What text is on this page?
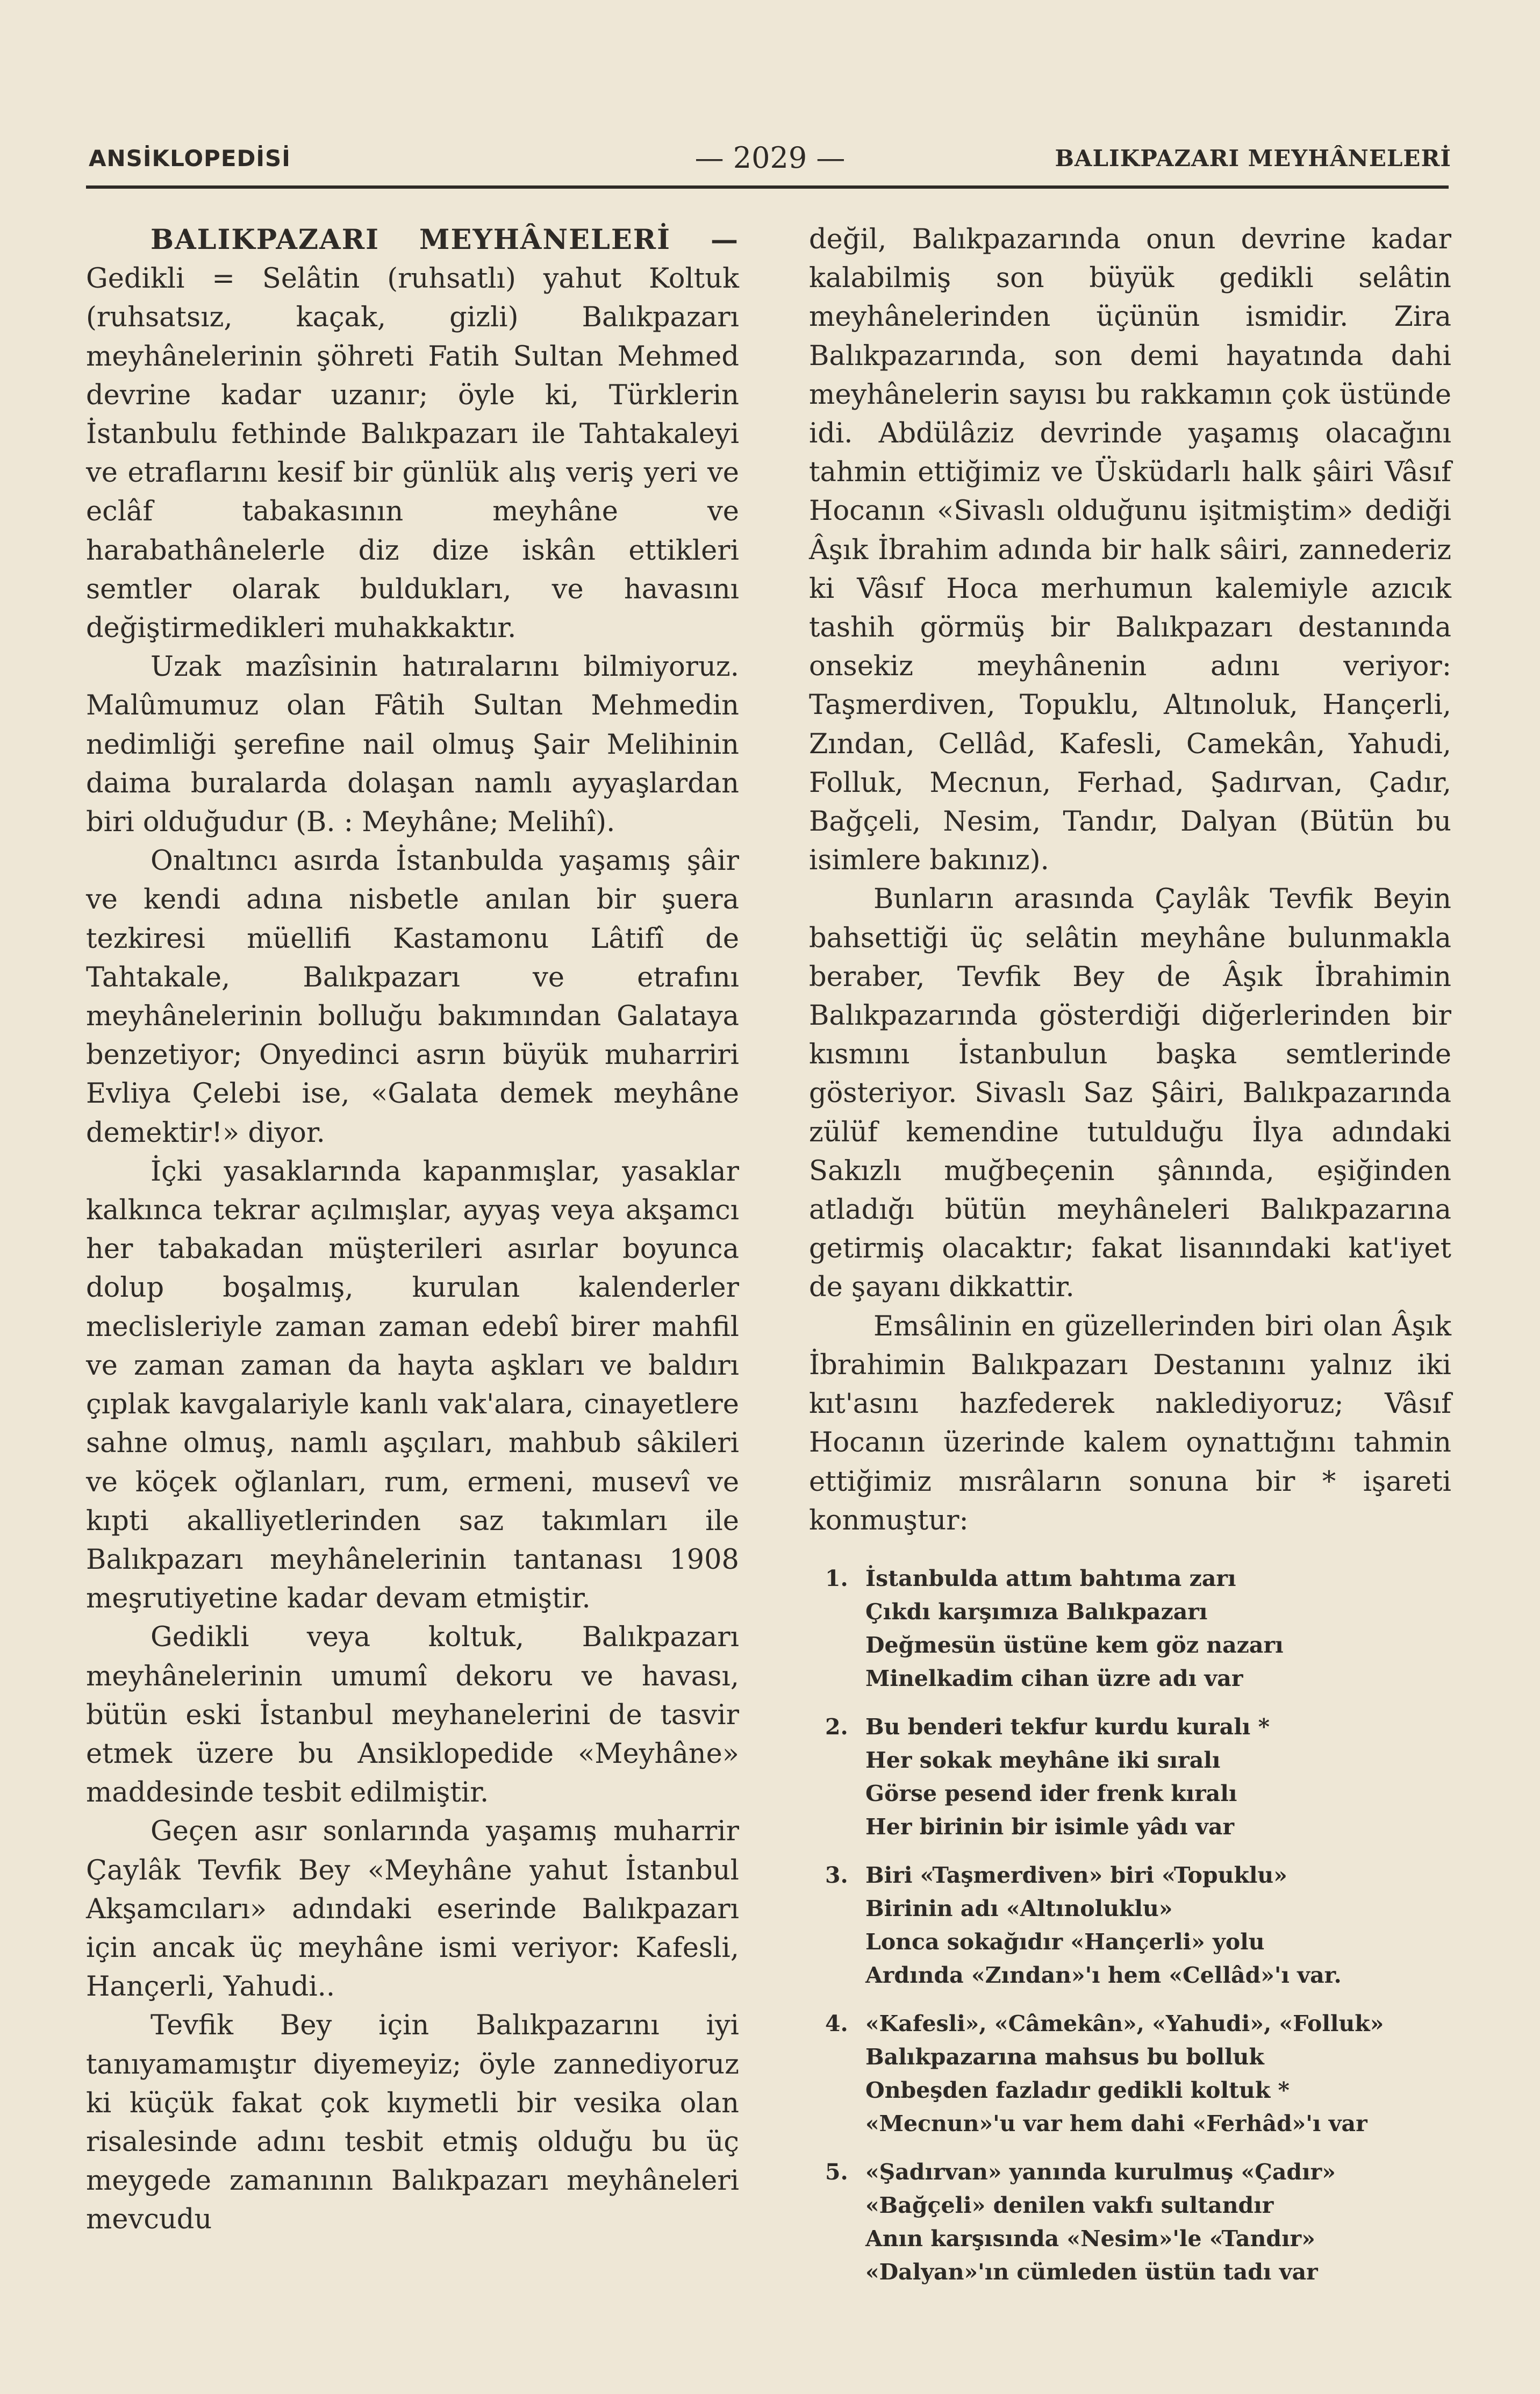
ANSİKLOPEDİSİ	— 2029 —	BALIKPAZARI MEYHÂNELERİ

BALIKPAZARI MEYHÂNELERİ — Gedikli = Selâtin (ruhsatlı) yahut Koltuk (ruhsatsız, kaçak, gizli) Balıkpazarı meyhânelerinin şöhreti Fatih Sultan Mehmed devrine kadar uzanır; öyle ki, Türklerin İstanbulu fethinde Balıkpazarı ile Tahtakaleyi ve etraflarını kesif bir günlük alış veriş yeri ve eclâf tabakasının meyhâne ve harabathânelerle diz dize iskân ettikleri semtler olarak buldukları, ve havasını değiştirmedikleri muhakkaktır.

Uzak mazîsinin hatıralarını bilmiyoruz. Malûmumuz olan Fâtih Sultan Mehmedin nedimliği şerefine nail olmuş Şair Melihinin daima buralarda dolaşan namlı ayyaşlardan biri olduğudur (B. : Meyhâne; Melihî).

Onaltıncı asırda İstanbulda yaşamış şâir ve kendi adına nisbetle anılan bir şuera tezkiresi müellifi Kastamonu Lâtifî de Tahtakale, Balıkpazarı ve etrafını meyhânelerinin bolluğu bakımından Galataya benzetiyor; Onyedinci asrın büyük muharriri Evliya Çelebi ise, «Galata demek meyhâne demektir!» diyor.

İçki yasaklarında kapanmışlar, yasaklar kalkınca tekrar açılmışlar, ayyaş veya akşamcı her tabakadan müşterileri asırlar boyunca dolup boşalmış, kurulan kalenderler meclisleriyle zaman zaman edebî birer mahfil ve zaman zaman da hayta aşkları ve baldırı çıplak kavgalariyle kanlı vak'alara, cinayetlere sahne olmuş, namlı aşçıları, mahbub sâkileri ve köçek oğlanları, rum, ermeni, musevî ve kıpti akalliyetlerinden saz takımları ile Balıkpazarı meyhânelerinin tantanası 1908 meşrutiyetine kadar devam etmiştir.

Gedikli veya koltuk, Balıkpazarı meyhânelerinin umumî dekoru ve havası, bütün eski İstanbul meyhanelerini de tasvir etmek üzere bu Ansiklopedide «Meyhâne» maddesinde tesbit edilmiştir.

Geçen asır sonlarında yaşamış muharrir Çaylâk Tevfik Bey «Meyhâne yahut İstanbul Akşamcıları» adındaki eserinde Balıkpazarı için ancak üç meyhâne ismi veriyor: Kafesli, Hançerli, Yahudi..

Tevfik Bey için Balıkpazarını iyi tanıyamamıştır diyemeyiz; öyle zannediyoruz ki küçük fakat çok kıymetli bir vesika olan risalesinde adını tesbit etmiş olduğu bu üç meygede zamanının Balıkpazarı meyhâneleri mevcudu

değil, Balıkpazarında onun devrine kadar kalabilmiş son büyük gedikli selâtin meyhânelerinden üçünün ismidir. Zira Balıkpazarında, son demi hayatında dahi meyhânelerin sayısı bu rakkamın çok üstünde idi. Abdülâziz devrinde yaşamış olacağını tahmin ettiğimiz ve Üsküdarlı halk şâiri Vâsıf Hocanın «Sivaslı olduğunu işitmiştim» dediği Âşık İbrahim adında bir halk sâiri, zannederiz ki Vâsıf Hoca merhumun kalemiyle azıcık tashih görmüş bir Balıkpazarı destanında onsekiz meyhânenin adını veriyor: Taşmerdiven, Topuklu, Altınoluk, Hançerli, Zından, Cellâd, Kafesli, Camekân, Yahudi, Folluk, Mecnun, Ferhad, Şadırvan, Çadır, Bağçeli, Nesim, Tandır, Dalyan (Bütün bu isimlere bakınız).

Bunların arasında Çaylâk Tevfik Beyin bahsettiği üç selâtin meyhâne bulunmakla beraber, Tevfik Bey de Âşık İbrahimin Balıkpazarında gösterdiği diğerlerinden bir kısmını İstanbulun başka semtlerinde gösteriyor. Sivaslı Saz Şâiri, Balıkpazarında zülüf kemendine tutulduğu İlya adındaki Sakızlı muğbeçenin şânında, eşiğinden atladığı bütün meyhâneleri Balıkpazarına getirmiş olacaktır; fakat lisanındaki kat'iyet de şayanı dikkattir.

Emsâlinin en güzellerinden biri olan Âşık İbrahimin Balıkpazarı Destanını yalnız iki kıt'asını hazfederek naklediyoruz; Vâsıf Hocanın üzerinde kalem oynattığını tahmin ettiğimiz mısrâların sonuna bir * işareti konmuştur:

1. İstanbulda attım bahtıma zarı
Çıkdı karşımıza Balıkpazarı
Değmesün üstüne kem göz nazarı
Minelkadim cihan üzre adı var
2. Bu benderi tekfur kurdu kuralı *
Her sokak meyhâne iki sıralı
Görse pesend ider frenk kıralı
Her birinin bir isimle yâdı var
3. Biri «Taşmerdiven» biri «Topuklu»
Birinin adı «Altınoluklu»
Lonca sokağıdır «Hançerli» yolu
Ardında «Zından»'ı hem «Cellâd»'ı var.
4. «Kafesli», «Câmekân», «Yahudi», «Folluk»
Balıkpazarına mahsus bu bolluk
Onbeşden fazladır gedikli koltuk *
«Mecnun»'u var hem dahi «Ferhâd»'ı var
5. «Şadırvan» yanında kurulmuş «Çadır»
«Bağçeli» denilen vakfı sultandır
Anın karşısında «Nesim»'le «Tandır»
«Dalyan»'ın cümleden üstün tadı var
